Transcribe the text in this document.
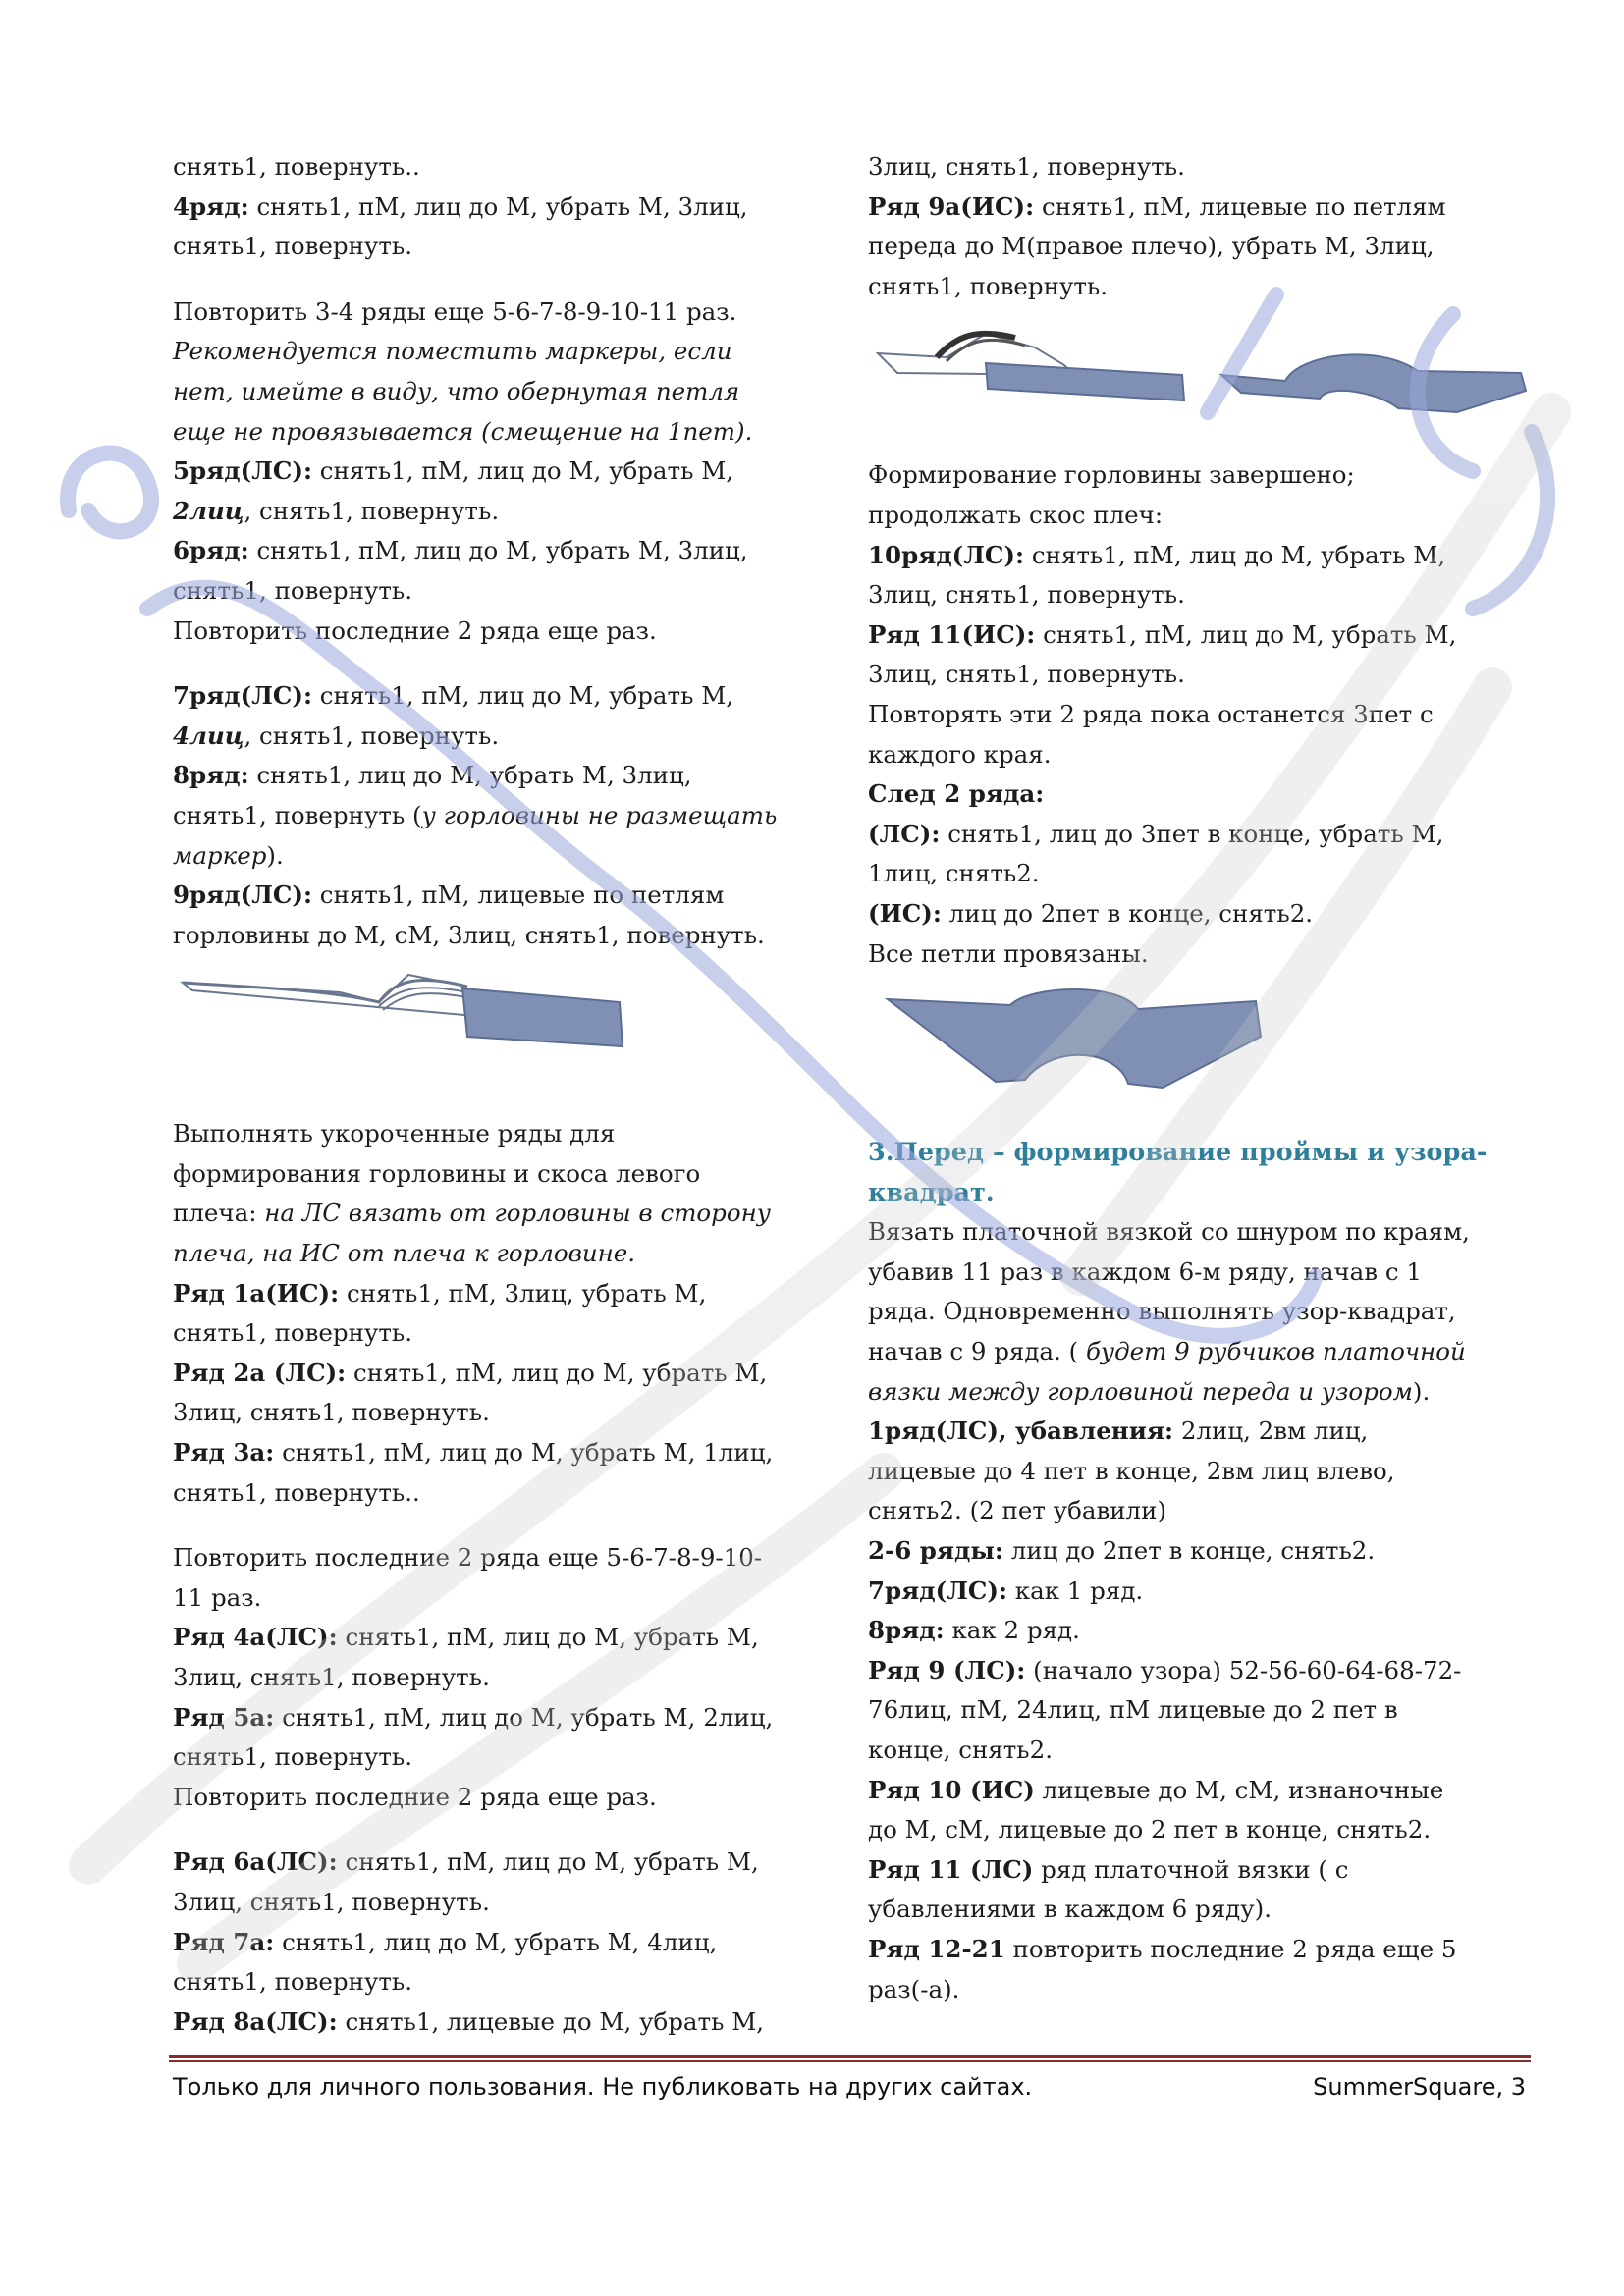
снять1, повернуть..

4ряд: снять1, пМ, лиц до М, убрать М, 3лиц,

снять1, повернуть.

Повторить 3-4 ряды еще 5-6-7-8-9-10-11 раз.

Рекомендуется поместить маркеры, если

нет, имейте в виду, что обернутая петля

еще не провязывается (смещение на 1пет).

5ряд(ЛС): снять1, пМ, лиц до М, убрать М,

2лиц, снять1, повернуть.

6ряд: снять1, пМ, лиц до М, убрать М, 3лиц,

снять1, повернуть.

Повторить последние 2 ряда еще раз.

7ряд(ЛС): снять1, пМ, лиц до М, убрать М,

4лиц, снять1, повернуть.

8ряд: снять1, лиц до М, убрать М, 3лиц,

снять1, повернуть (у горловины не размещать

маркер).

9ряд(ЛС): снять1, пМ, лицевые по петлям

горловины до М, сМ, 3лиц, снять1, повернуть.

Выполнять укороченные ряды для

формирования горловины и скоса левого

плеча: на ЛС вязать от горловины в сторону

плеча, на ИС от плеча к горловине.

Ряд 1а(ИС): снять1, пМ, 3лиц, убрать М,

снять1, повернуть.

Ряд 2а (ЛС): снять1, пМ, лиц до М, убрать М,

3лиц, снять1, повернуть.

Ряд 3а: снять1, пМ, лиц до М, убрать М, 1лиц,

снять1, повернуть..

Повторить последние 2 ряда еще 5-6-7-8-9-10-

11 раз.

Ряд 4а(ЛС): снять1, пМ, лиц до М, убрать М,

3лиц, снять1, повернуть.

Ряд 5а: снять1, пМ, лиц до М, убрать М, 2лиц,

снять1, повернуть.

Повторить последние 2 ряда еще раз.

Ряд 6а(ЛС): снять1, пМ, лиц до М, убрать М,

3лиц, снять1, повернуть.

Ряд 7а: снять1, лиц до М, убрать М, 4лиц,

снять1, повернуть.

Ряд 8а(ЛС): снять1, лицевые до М, убрать М,

3лиц, снять1, повернуть.

Ряд 9а(ИС): снять1, пМ, лицевые по петлям

переда до М(правое плечо), убрать М, 3лиц,

снять1, повернуть.

Формирование горловины завершено;

продолжать скос плеч:

10ряд(ЛС): снять1, пМ, лиц до М, убрать М,

3лиц, снять1, повернуть.

Ряд 11(ИС): снять1, пМ, лиц до М, убрать М,

3лиц, снять1, повернуть.

Повторять эти 2 ряда пока останется 3пет с

каждого края.

След 2 ряда:

(ЛС): снять1, лиц до 3пет в конце, убрать М,

1лиц, снять2.

(ИС): лиц до 2пет в конце, снять2.

Все петли провязаны.

3.Перед – формирование проймы и узора-

квадрат.

Вязать платочной вязкой со шнуром по краям,

убавив 11 раз в каждом 6-м ряду, начав с 1

ряда. Одновременно выполнять узор-квадрат,

начав с 9 ряда. ( будет 9 рубчиков платочной

вязки между горловиной переда и узором).

1ряд(ЛС), убавления: 2лиц, 2вм лиц,

лицевые до 4 пет в конце, 2вм лиц влево,

снять2. (2 пет убавили)

2-6 ряды: лиц до 2пет в конце, снять2.

7ряд(ЛС): как 1 ряд.

8ряд: как 2 ряд.

Ряд 9 (ЛС): (начало узора) 52-56-60-64-68-72-

76лиц, пМ, 24лиц, пМ лицевые до 2 пет в

конце, снять2.

Ряд 10 (ИС) лицевые до М, сМ, изнаночные

до М, сМ, лицевые до 2 пет в конце, снять2.

Ряд 11 (ЛС) ряд платочной вязки ( с

убавлениями в каждом 6 ряду).

Ряд 12-21 повторить последние 2 ряда еще 5

раз(-а).

Только для личного пользования. Не публиковать на других сайтах.	SummerSquare, 3
